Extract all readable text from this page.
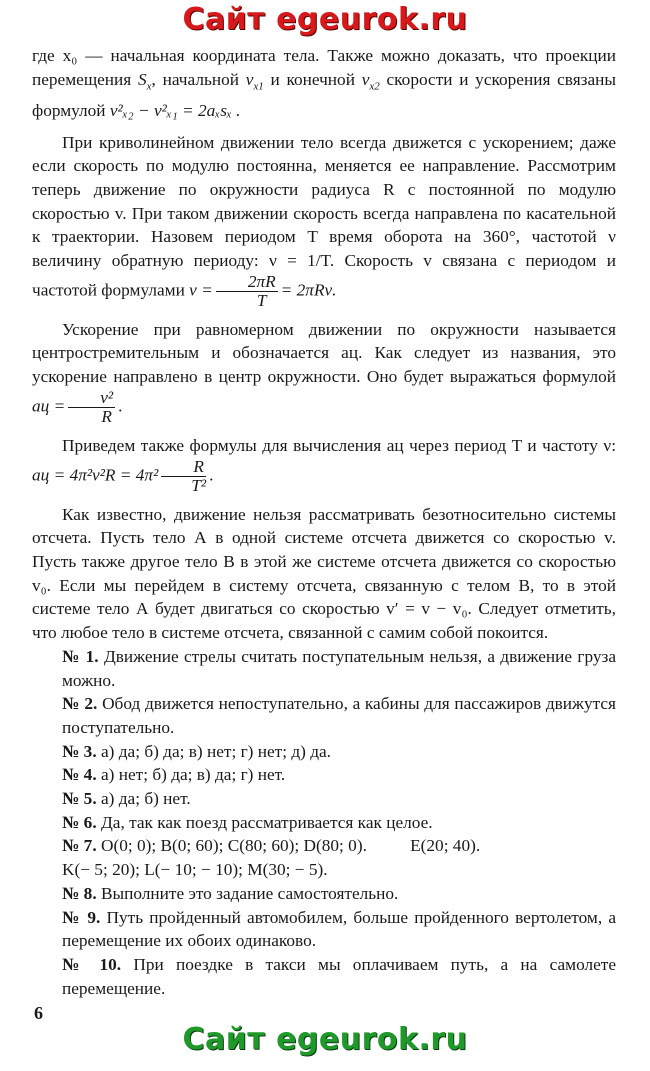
Сайт egeurok.ru

где x₀ — начальная координата тела. Также можно доказать, что проекции перемещения $S_x$, начальной $v_{x1}$ и конечной $v_{x2}$ скорости и ускорения связаны формулой v²ₓ₂ − v²ₓ₁ = 2aₓsₓ .

При криволинейном движении тело всегда движется с ускорением; даже если скорость по модулю постоянна, меняется ее направление. Рассмотрим теперь движение по окружности радиуса R с постоянной по модулю скоростью v. При таком движении скорость всегда направлена по касательной к траектории. Назовем периодом T время оборота на 360°, частотой ν величину обратную периоду: ν = 1/T. Скорость v связана с периодом и частотой формулами $v = \frac{2\pi R}{T} = 2\pi R\nu$.

Ускорение при равномерном движении по окружности называется центростремительным и обозначается aц. Как следует из названия, это ускорение направлено в центр окружности. Оно будет выражаться формулой aц = $\frac{\text{v²}}{R}$ .

Приведем также формулы для вычисления aц через период T и частоту ν: aц = $4\pi^2\nu^2R = 4\pi^2 \frac{R}{\text{T²}}$ .

Как известно, движение нельзя рассматривать безотносительно системы отсчета. Пусть тело А в одной системе отсчета движется со скоростью v. Пусть также другое тело В в этой же системе отсчета движется со скоростью v₀. Если мы перейдем в систему отсчета, связанную с телом В, то в этой системе тело А будет двигаться со скоростью v′ = v − v₀. Следует отметить, что любое тело в системе отсчета, связанной с самим собой покоится.

№ 1. Движение стрелы считать поступательным нельзя, а движение груза можно.

№ 2. Обод движется непоступательно, а кабины для пассажиров движутся поступательно.

№ 3. а) да; б) да; в) нет; г) нет; д) да.

№ 4. а) нет; б) да; в) да; г) нет.

№ 5. а) да; б) нет.

№ 6. Да, так как поезд рассматривается как целое.

№ 7. O(0; 0); B(0; 60); C(80; 60); D(80; 0).          E(20; 40).

K(− 5; 20); L(− 10; − 10); M(30; − 5).

№ 8. Выполните это задание самостоятельно.

№ 9. Путь пройденный автомобилем, больше пройденного вертолетом, а перемещение их обоих одинаково.

№ 10. При поездке в такси мы оплачиваем путь, а на самолете перемещение.

6
Сайт egeurok.ru
